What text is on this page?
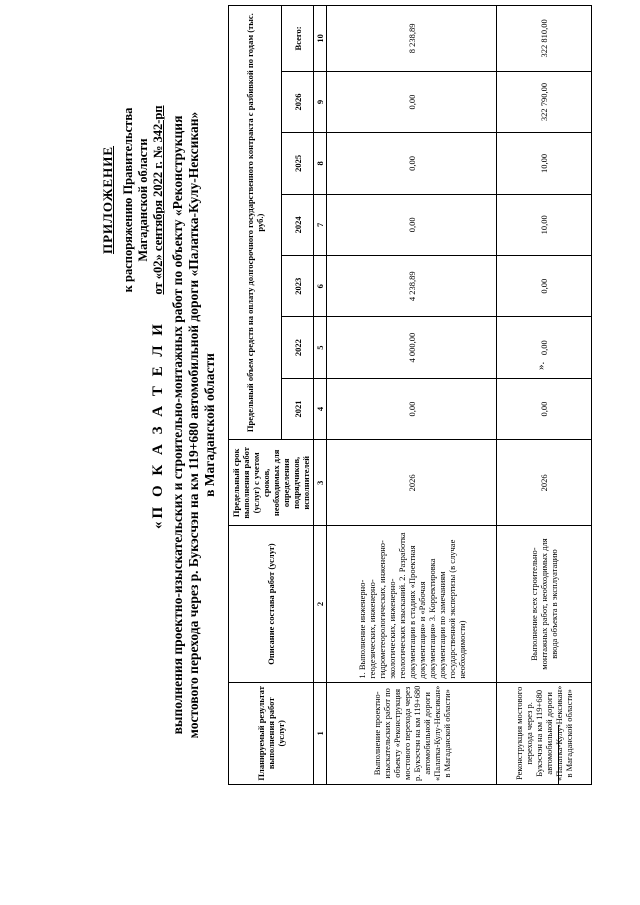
ПРИЛОЖЕНИЕ к распоряжению Правительства Магаданской области от «02» сентября 2022 г. № 342-рп
«П О К А З А Т Е Л И выполнения проектно-изыскательских и строительно-монтажных работ по объекту «Реконструкция мостового перехода через р. Букэсчэн на км 119+680 автомобильной дороги «Палатка-Кулу-Нексикан» в Магаданской области
Планируемый результат выполнения работ (услуг)	Описание состава работ (услуг)	Предельный срок выполнения работ (услуг) с учетом сроков, необходимых для определения подрядчиков, исполнителей	Предельный объем средств на оплату долгосрочного государственного контракта с разбивкой по годам (тыс. руб.)						
			2021	2022	2023	2024	2025	2026	Всего:
1	2	3	4	5	6	7	8	9	10
Выполнение проектно-изыскательских работ по объекту «Реконструкция мостового перехода через р. Букэсчэн на км 119+680 автомобильной дороги «Палатка-Кулу-Нексикан» в Магаданской области»	1. Выполнение инженерно-геодезических, инженерно-гидрометеорологических, инженерно-экологических, инженерно-геологических изысканий. 2. Разработка документации в стадиях «Проектная документация» и «Рабочая документация» 3. Корректировка документации по замечаниям государственной экспертизы (в случае необходимости)	2026	0,00	4 000,00	4 238,89	0,00	0,00	0,00	8 238,89
Реконструкция мостового перехода через р. Букэсчэн на км 119+680 автомобильной дороги «Палатка-Кулу-Нексикан» в Магаданской области»	Выполнение всех строительно- монтажных работ, необходимых для ввода объекта в эксплуатацию	2026	0,00	0,00	0,00	10,00	10,00	322 790,00	322 810,00
».
